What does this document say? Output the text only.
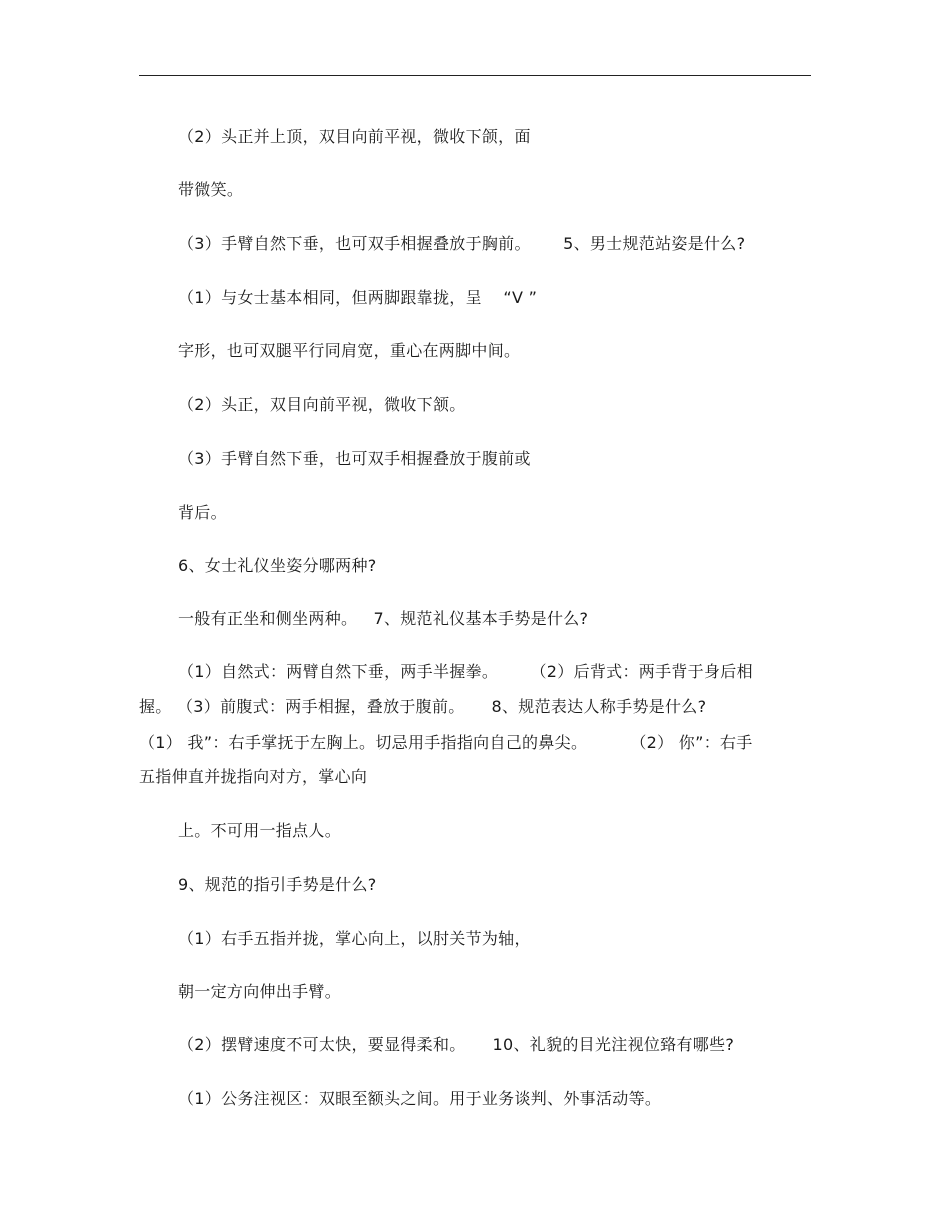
（2）头正并上顶，双目向前平视，微收下颌，面
带微笑。
（3）手臂自然下垂，也可双手相握叠放于胸前。      5、男士规范站姿是什么?
（1）与女士基本相同，但两脚跟靠拢，呈    “V ”
字形，也可双腿平行同肩宽，重心在两脚中间。
（2）头正，双目向前平视，微收下颔。
（3）手臂自然下垂，也可双手相握叠放于腹前或
背后。
6、女士礼仪坐姿分哪两种?
一般有正坐和侧坐两种。   7、规范礼仪基本手势是什么?
（1）自然式：两臂自然下垂，两手半握拳。      （2）后背式：两手背于身后相
握。 （3）前腹式：两手相握，叠放于腹前。     8、规范表达人称手势是什么?
（1） 我”：右手掌抚于左胸上。切忌用手指指向自己的鼻尖。        （2） 你”：右手
五指伸直并拢指向对方，掌心向
上。不可用一指点人。
9、规范的指引手势是什么?
（1）右手五指并拢，掌心向上，以肘关节为轴，
朝一定方向伸出手臂。
（2）摆臂速度不可太快，要显得柔和。     10、礼貌的目光注视位臵有哪些?
（1）公务注视区：双眼至额头之间。用于业务谈判、外事活动等。
